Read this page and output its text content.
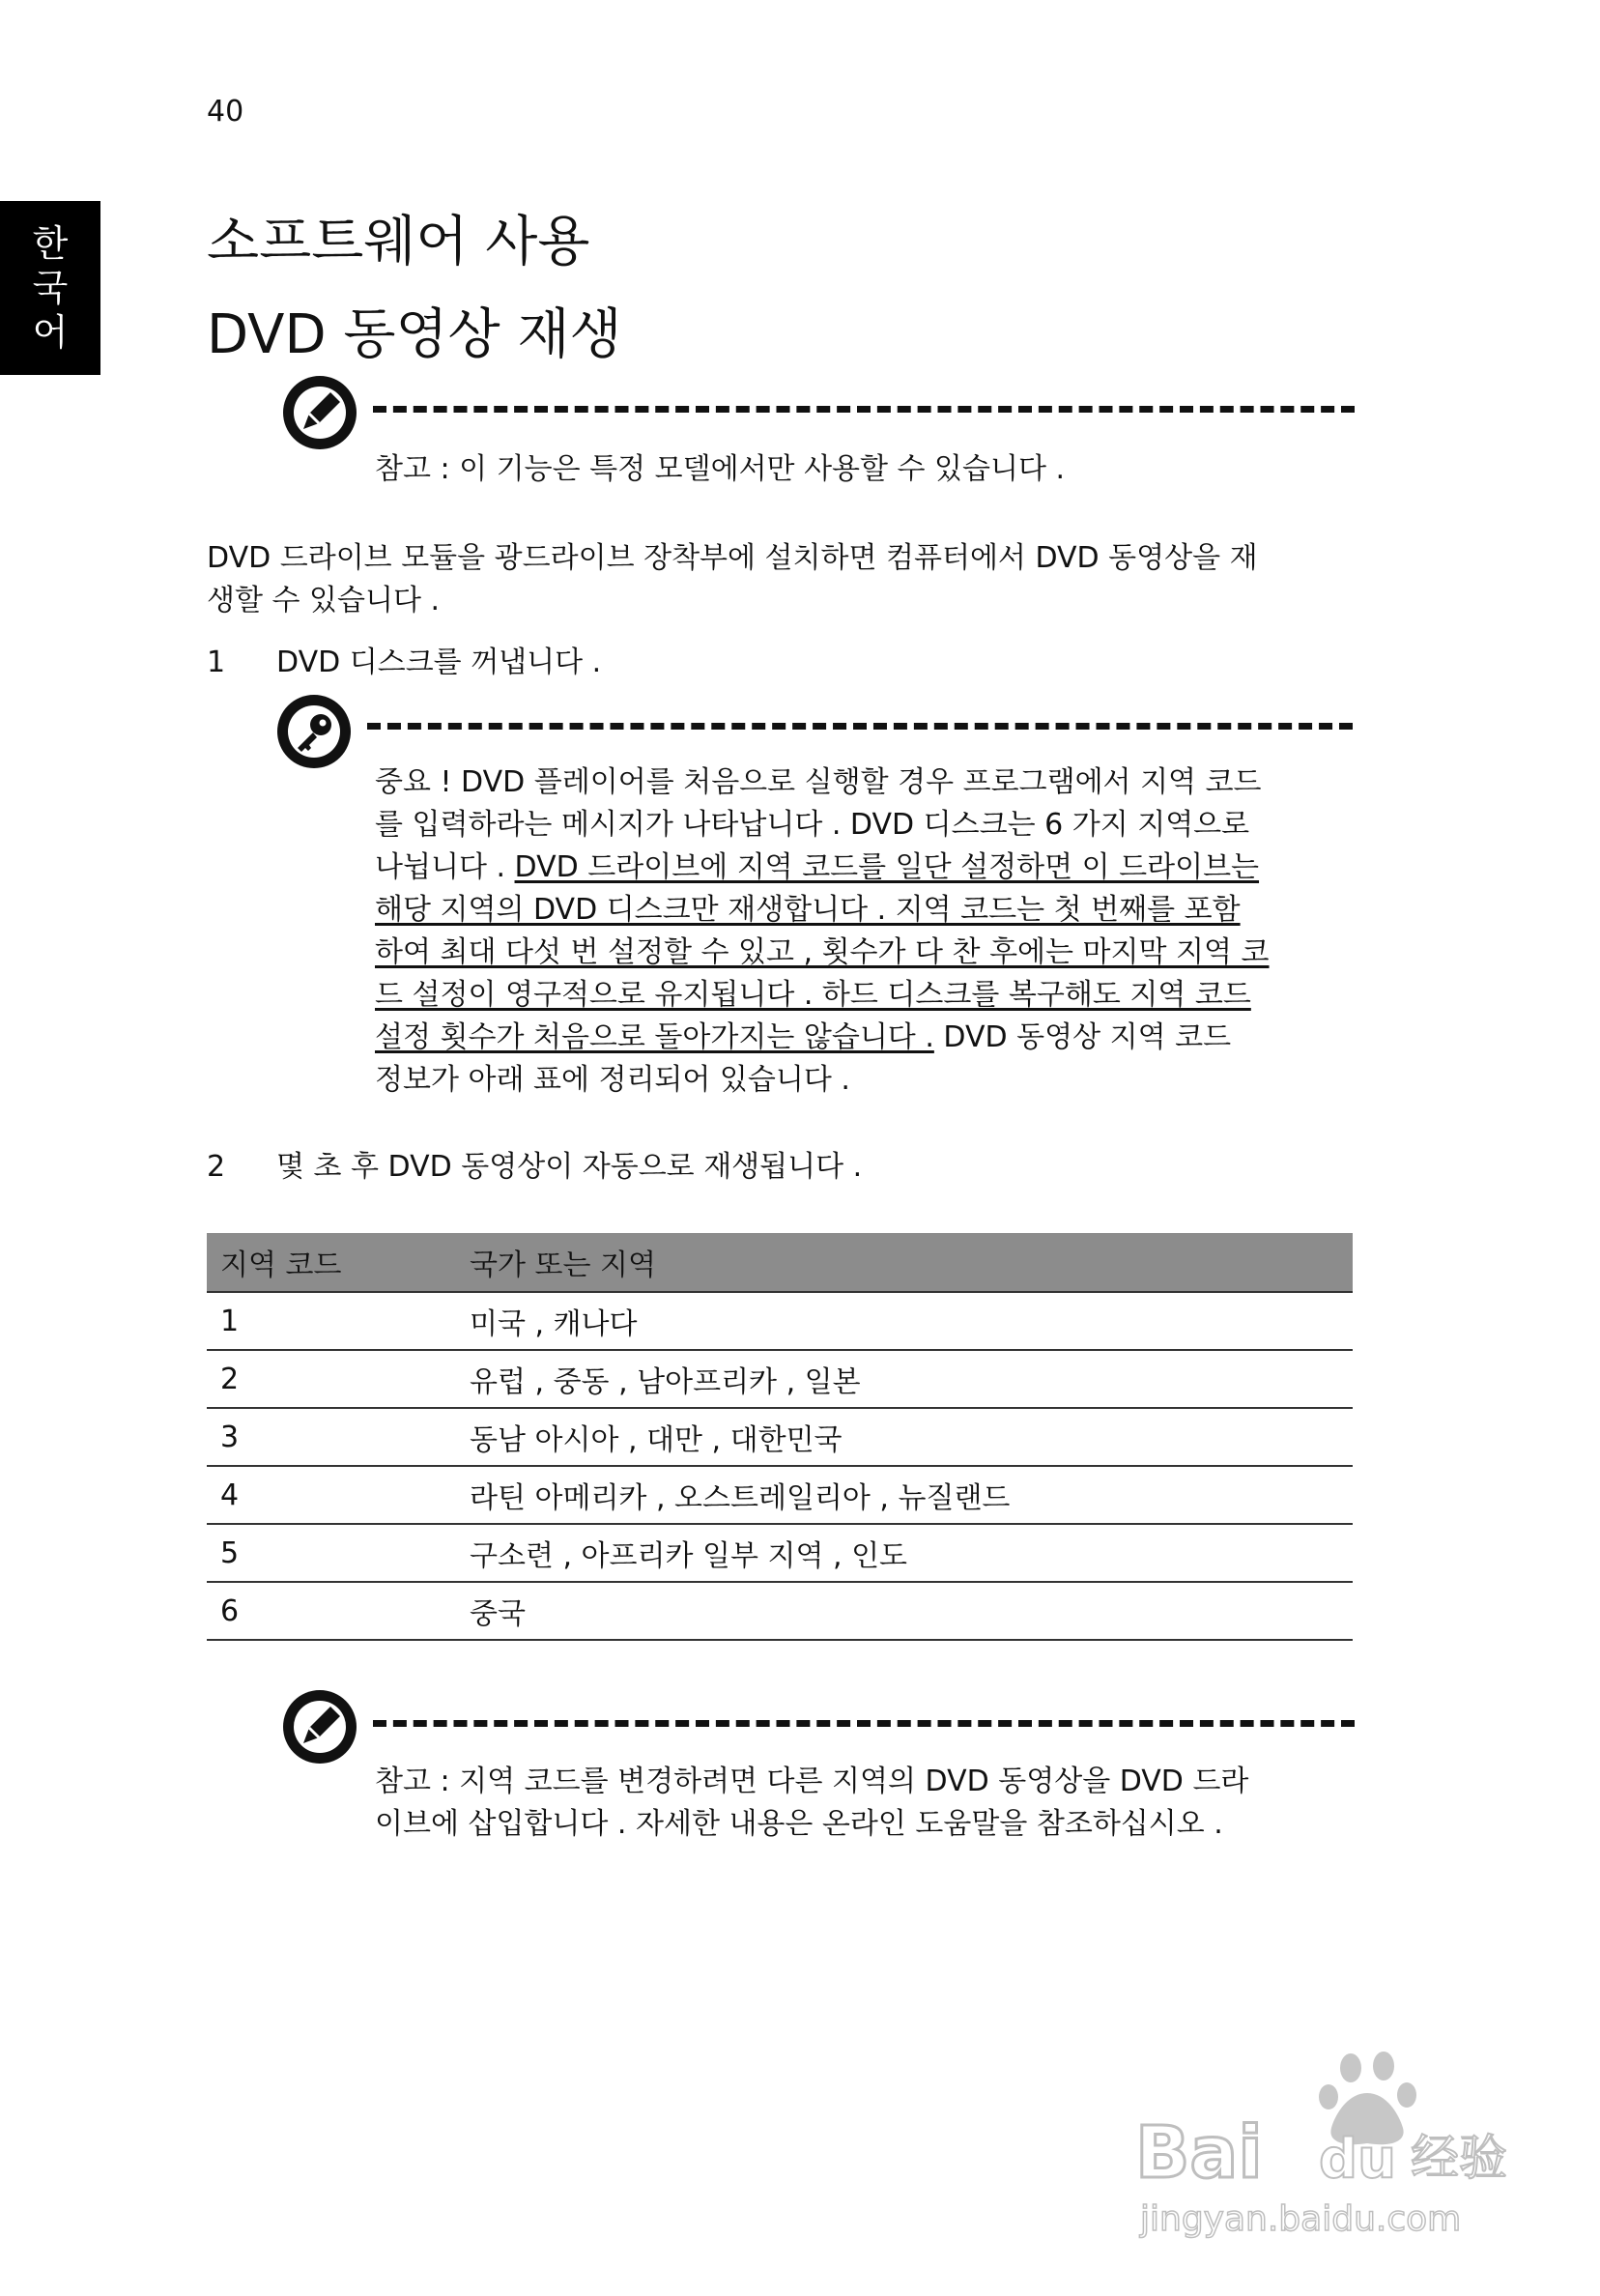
40
한
국
어
소프트웨어 사용
DVD 동영상 재생
참고 : 이 기능은 특정 모델에서만 사용할 수 있습니다 .
DVD 드라이브 모듈을 광드라이브 장착부에 설치하면 컴퓨터에서 DVD 동영상을 재
생할 수 있습니다 .
1 DVD 디스크를 꺼냅니다 .
중요 ! DVD 플레이어를 처음으로 실행할 경우 프로그램에서 지역 코드
를 입력하라는 메시지가 나타납니다 . DVD 디스크는 6 가지 지역으로
나뉩니다 . DVD 드라이브에 지역 코드를 일단 설정하면 이 드라이브는
해당 지역의 DVD 디스크만 재생합니다 . 지역 코드는 첫 번째를 포함
하여 최대 다섯 번 설정할 수 있고 , 횟수가 다 찬 후에는 마지막 지역 코
드 설정이 영구적으로 유지됩니다 . 하드 디스크를 복구해도 지역 코드
설정 횟수가 처음으로 돌아가지는 않습니다 . DVD 동영상 지역 코드
정보가 아래 표에 정리되어 있습니다 .
2 몇 초 후 DVD 동영상이 자동으로 재생됩니다 .
지역 코드	국가 또는 지역
1	미국 , 캐나다
2	유럽 , 중동 , 남아프리카 , 일본
3	동남 아시아 , 대만 , 대한민국
4	라틴 아메리카 , 오스트레일리아 , 뉴질랜드
5	구소련 , 아프리카 일부 지역 , 인도
6	중국
참고 : 지역 코드를 변경하려면 다른 지역의 DVD 동영상을 DVD 드라
이브에 삽입합니다 . 자세한 내용은 온라인 도움말을 참조하십시오 .
Bai du 经验
jingyan.baidu.com
